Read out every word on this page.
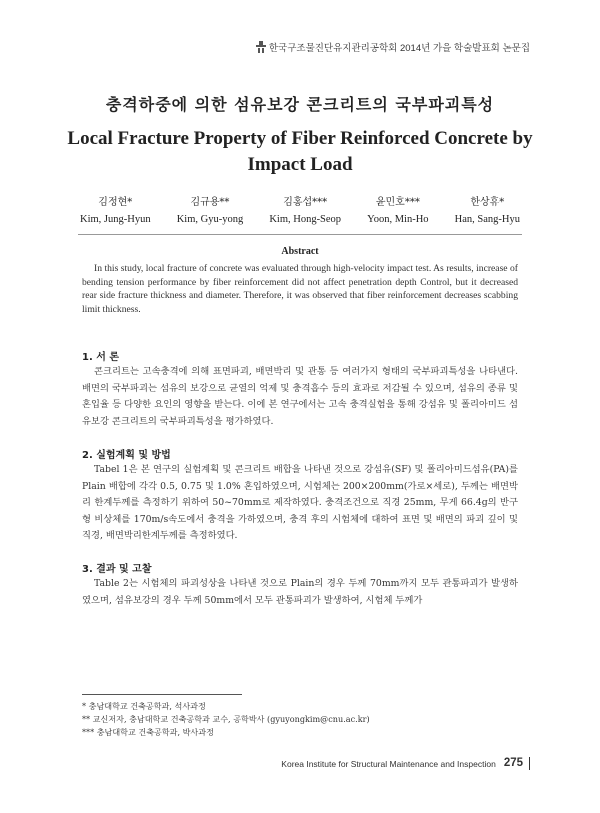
한국구조물진단유지관리공학회 2014년 가을 학술발표회 논문집
충격하중에 의한 섬유보강 콘크리트의 국부파괴특성
Local Fracture Property of Fiber Reinforced Concrete by
Impact Load
김정현*
Kim, Jung-Hyun
김규용**
Kim, Gyu-yong
김홍섭***
Kim, Hong-Seop
윤민호***
Yoon, Min-Ho
한상휴*
Han, Sang-Hyu
Abstract
In this study, local fracture of concrete was evaluated through high-velocity impact test. As results, increase of bending tension performance by fiber reinforcement did not affect penetration depth Control, but it decreased rear side fracture thickness and diameter. Therefore, it was observed that fiber reinforcement decreases scabbing limit thickness.
1. 서 론
콘크리트는 고속충격에 의해 표면파괴, 배면박리 및 관통 등 여러가지 형태의 국부파괴특성을 나타낸다. 배면의 국부파괴는 섬유의 보강으로 균열의 억제 및 충격흡수 등의 효과로 저감될 수 있으며, 섬유의 종류 및 혼입율 등 다양한 요인의 영향을 받는다. 이에 본 연구에서는 고속 충격실험을 통해 강섬유 및 폴리아미드 섬유보강 콘크리트의 국부파괴특성을 평가하였다.
2. 실험계획 및 방법
Tabel 1은 본 연구의 실험계획 및 콘크리트 배합을 나타낸 것으로 강섬유(SF) 및 폴리아미드섬유(PA)를 Plain 배합에 각각 0.5, 0.75 및 1.0% 혼입하였으며, 시험체는 200×200mm(가로×세로), 두께는 배면박리 한계두께를 측정하기 위하여 50~70mm로 제작하였다. 충격조건으로 직경 25mm, 무게 66.4g의 반구형 비상체를 170m/s속도에서 충격을 가하였으며, 충격 후의 시험체에 대하여 표면 및 배면의 파괴 깊이 및 직경, 배면박리한계두께를 측정하였다.
3. 결과 및 고찰
Table 2는 시험체의 파괴성상을 나타낸 것으로 Plain의 경우 두께 70mm까지 모두 관통파괴가 발생하였으며, 섬유보강의 경우 두께 50mm에서 모두 관통파괴가 발생하여, 시험체 두께가
* 충남대학교 건축공학과, 석사과정
** 교신저자, 충남대학교 건축공학과 교수, 공학박사 (gyuyongkim@cnu.ac.kr)
*** 충남대학교 건축공학과, 박사과정
Korea Institute for Structural Maintenance and Inspection 275
